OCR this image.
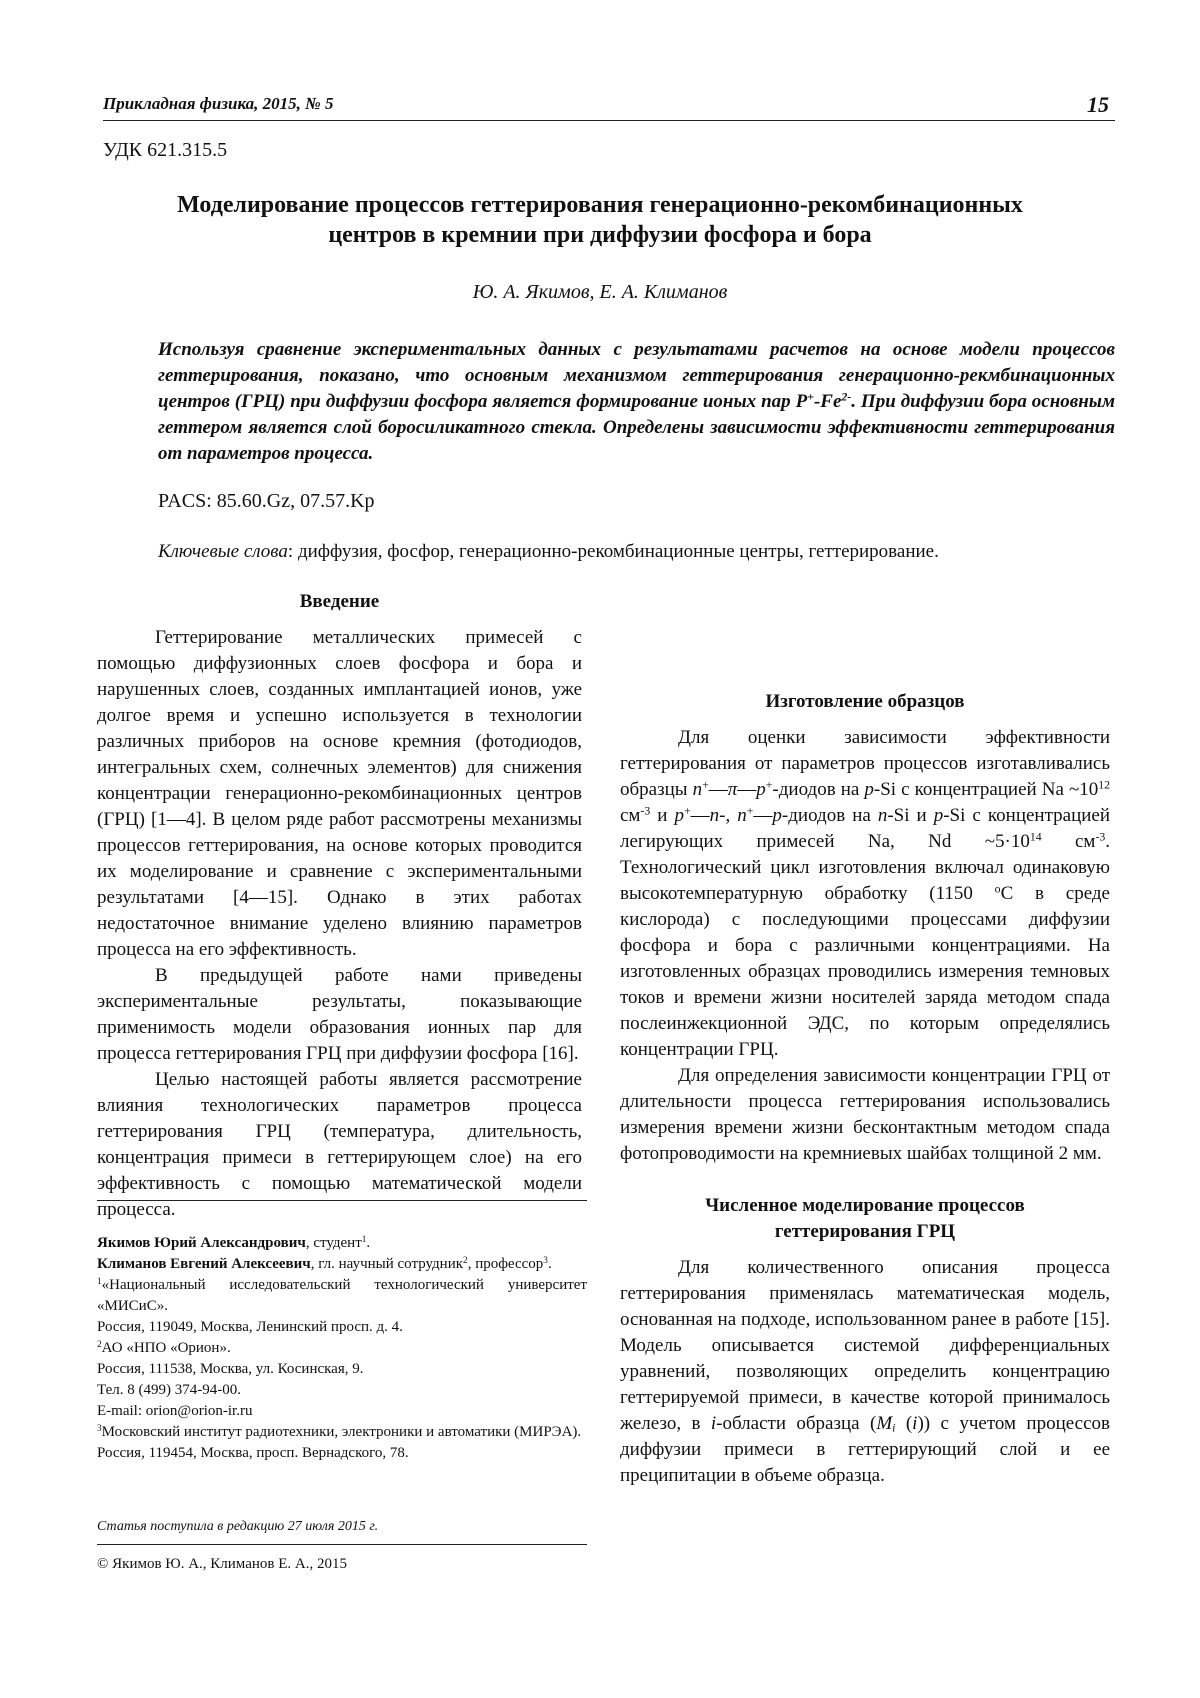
Прикладная физика, 2015, № 5	15
УДК 621.315.5
Моделирование процессов геттерирования генерационно-рекомбинационных
центров в кремнии при диффузии фосфора и бора
Ю. А. Якимов, Е. А. Климанов
Используя сравнение экспериментальных данных с результатами расчетов на основе модели процессов геттерирования, показано, что основным механизмом геттерирования генерационно-рекмбинационных центров (ГРЦ) при диффузии фосфора является формирование ионых пар $P^+-Fe^{2-}$. При диффузии бора основным геттером является слой боросиликатного стекла. Определены зависимости эффективности геттерирования от параметров процесса.
PACS: 85.60.Gz, 07.57.Kp
Ключевые слова: диффузия, фосфор, генерационно-рекомбинационные центры, геттерирование.

Введение

Геттерирование металлических примесей с помощью диффузионных слоев фосфора и бора и нарушенных слоев, созданных имплантацией ионов, уже долгое время и успешно используется в технологии различных приборов на основе кремния (фотодиодов, интегральных схем, солнечных элементов) для снижения концентрации генерационно-рекомбинационных центров (ГРЦ) [1—4]. В целом ряде работ рассмотрены механизмы процессов геттерирования, на основе которых проводится их моделирование и сравнение с экспериментальными результатами [4—15]. Однако в этих работах недостаточное внимание уделено влиянию параметров процесса на его эффективность.

В предыдущей работе нами приведены экспериментальные результаты, показывающие применимость модели образования ионных пар для процесса геттерирования ГРЦ при диффузии фосфора [16].

Целью настоящей работы является рассмотрение влияния технологических параметров процесса геттерирования ГРЦ (температура, длительность, концентрация примеси в геттерирующем слое) на его эффективность с помощью математической модели процесса.

Якимов Юрий Александрович, студент$^1$.

Климанов Евгений Алексеевич, гл. научный сотрудник$^2$, профессор$^3$.

$^1$«Национальный исследовательский технологический университет «МИСиС».

Россия, 119049, Москва, Ленинский просп. д. 4.

$^2$АО «НПО «Орион».

Россия, 111538, Москва, ул. Косинская, 9.

Тел. 8 (499) 374-94-00.

E-mail: orion@orion-ir.ru

$^3$Московский институт радиотехники, электроники и автоматики (МИРЭА).

Россия, 119454, Москва, просп. Вернадского, 78.

Статья поступила в редакцию 27 июля 2015 г.
© Якимов Ю. А., Климанов Е. А., 2015

Изготовление образцов

Для оценки зависимости эффективности геттерирования от параметров процессов изготавливались образцы n+—π—p+-диодов на p-Si с концентрацией Na $\sim 10^{12}$ $см^{-3}$ и p+—n-, n+—p-диодов на n-Si и p-Si с концентрацией легирующих примесей Na, Nd $\sim 5\cdot 10^{14}$ $см^{-3}$. Технологический цикл изготовления включал одинаковую высокотемпературную обработку (1150 $^o$С в среде кислорода) с последующими процессами диффузии фосфора и бора с различными концентрациями. На изготовленных образцах проводились измерения темновых токов и времени жизни носителей заряда методом спада послеинжекционной ЭДС, по которым определялись концентрации ГРЦ.

Для определения зависимости концентрации ГРЦ от длительности процесса геттерирования использовались измерения времени жизни бесконтактным методом спада фотопроводимости на кремниевых шайбах толщиной 2 мм.

Численное моделирование процессов
геттерирования ГРЦ

Для количественного описания процесса геттерирования применялась математическая модель, основанная на подходе, использованном ранее в работе [15]. Модель описывается системой дифференциальных уравнений, позволяющих определить концентрацию геттерируемой примеси, в качестве которой принималось железо, в i-области образца ($M_i$ (i)) с учетом процессов диффузии примеси в геттерирующий слой и ее преципитации в объеме образца.
